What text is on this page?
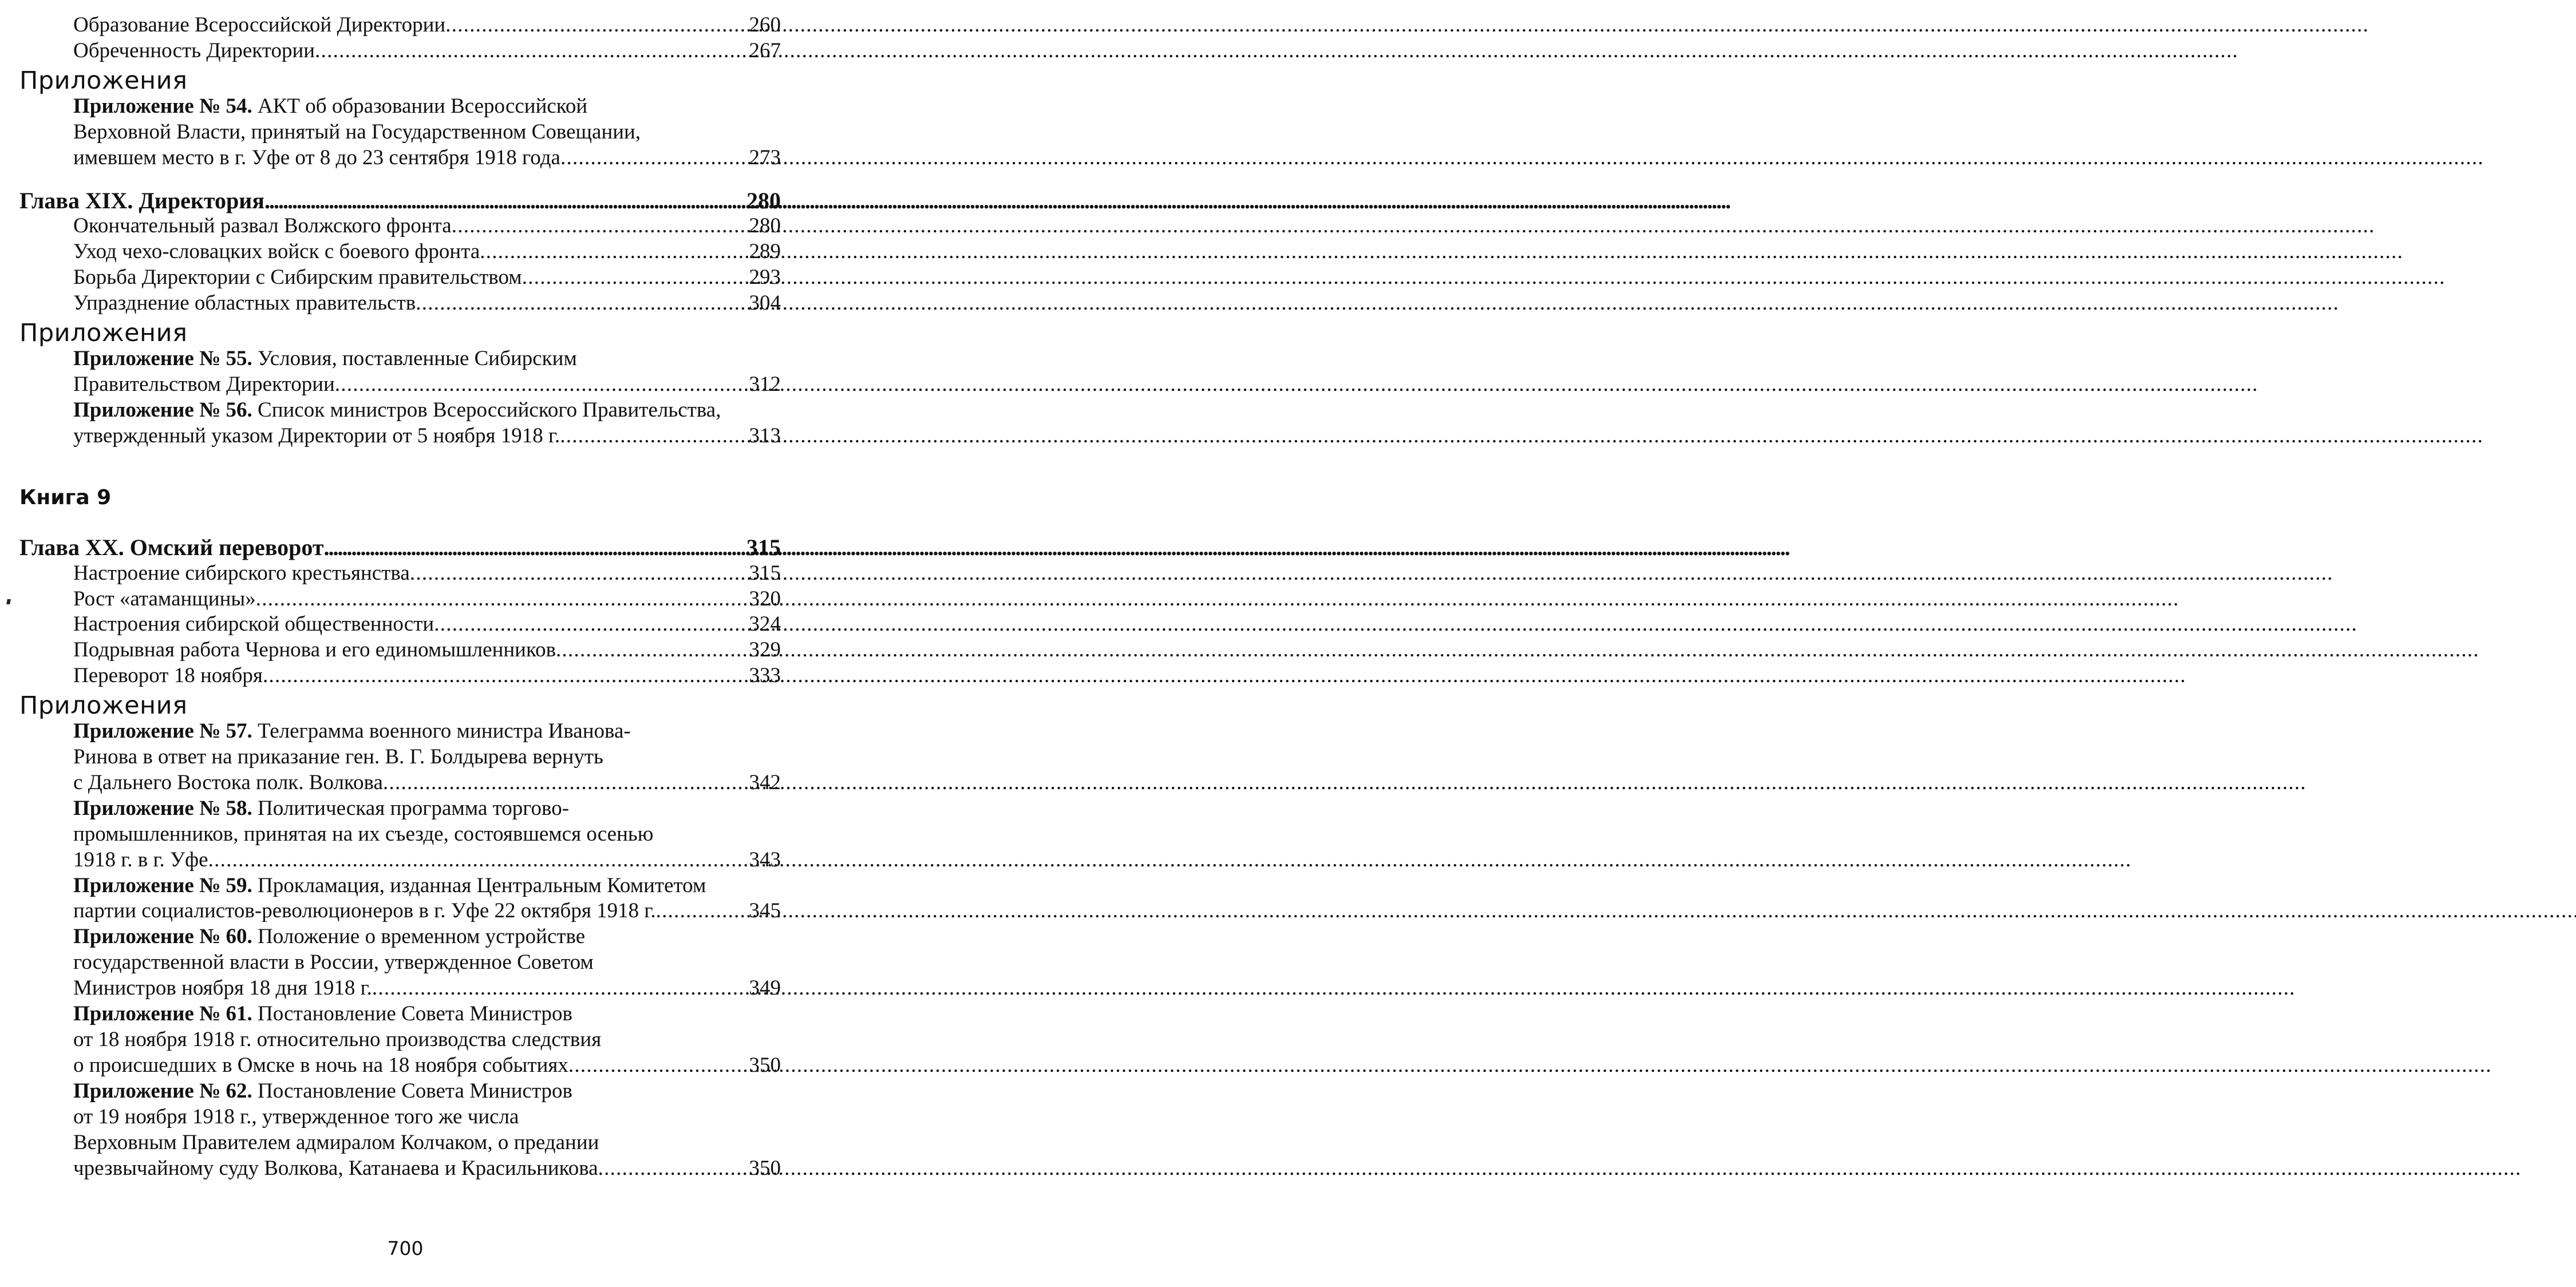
Образование Всероссийской Директории . . .	260
Обреченность Директории . . .	267
Приложения
Приложение № 54. АКТ об образовании Всероссийской
Верховной Власти, принятый на Государственном Совещании,
имевшем место в г. Уфе от 8 до 23 сентября 1918 года . . .	273
Глава XIX. Директория . . .	280
Окончательный развал Волжского фронта . . .	280
Уход чехо-словацких войск с боевого фронта . . .	289
Борьба Директории с Сибирским правительством . . .	293
Упразднение областных правительств . . .	304
Приложения
Приложение № 55. Условия, поставленные Сибирским
Правительством Директории . . .	312
Приложение № 56. Список министров Всероссийского Правительства,
утвержденный указом Директории от 5 ноября 1918 г. . . .	313
Книга 9
Глава XX. Омский переворот . . .	315
Настроение сибирского крестьянства . . .	315
Рост «атаманщины» . . .	320
Настроения сибирской общественности . . .	324
Подрывная работа Чернова и его единомышленников . . .	329
Переворот 18 ноября . . .	333
Приложения
Приложение № 57. Телеграмма военного министра Иванова-
Ринова в ответ на приказание ген. В. Г. Болдырева вернуть
с Дальнего Востока полк. Волкова . . .	342
Приложение № 58. Политическая программа торгово-
промышленников, принятая на их съезде, состоявшемся осенью
1918 г. в г. Уфе . . .	343
Приложение № 59. Прокламация, изданная Центральным Комитетом
партии социалистов-революционеров в г. Уфе 22 октября 1918 г. . . .	345
Приложение № 60. Положение о временном устройстве
государственной власти в России, утвержденное Советом
Министров ноября 18 дня 1918 г. . . .	349
Приложение № 61. Постановление Совета Министров
от 18 ноября 1918 г. относительно производства следствия
о происшедших в Омске в ночь на 18 ноября событиях . . .	350
Приложение № 62. Постановление Совета Министров
от 19 ноября 1918 г., утвержденное того же числа
Верховным Правителем адмиралом Колчаком, о предании
чрезвычайному суду Волкова, Катанаева и Красильникова . . .	350
700
